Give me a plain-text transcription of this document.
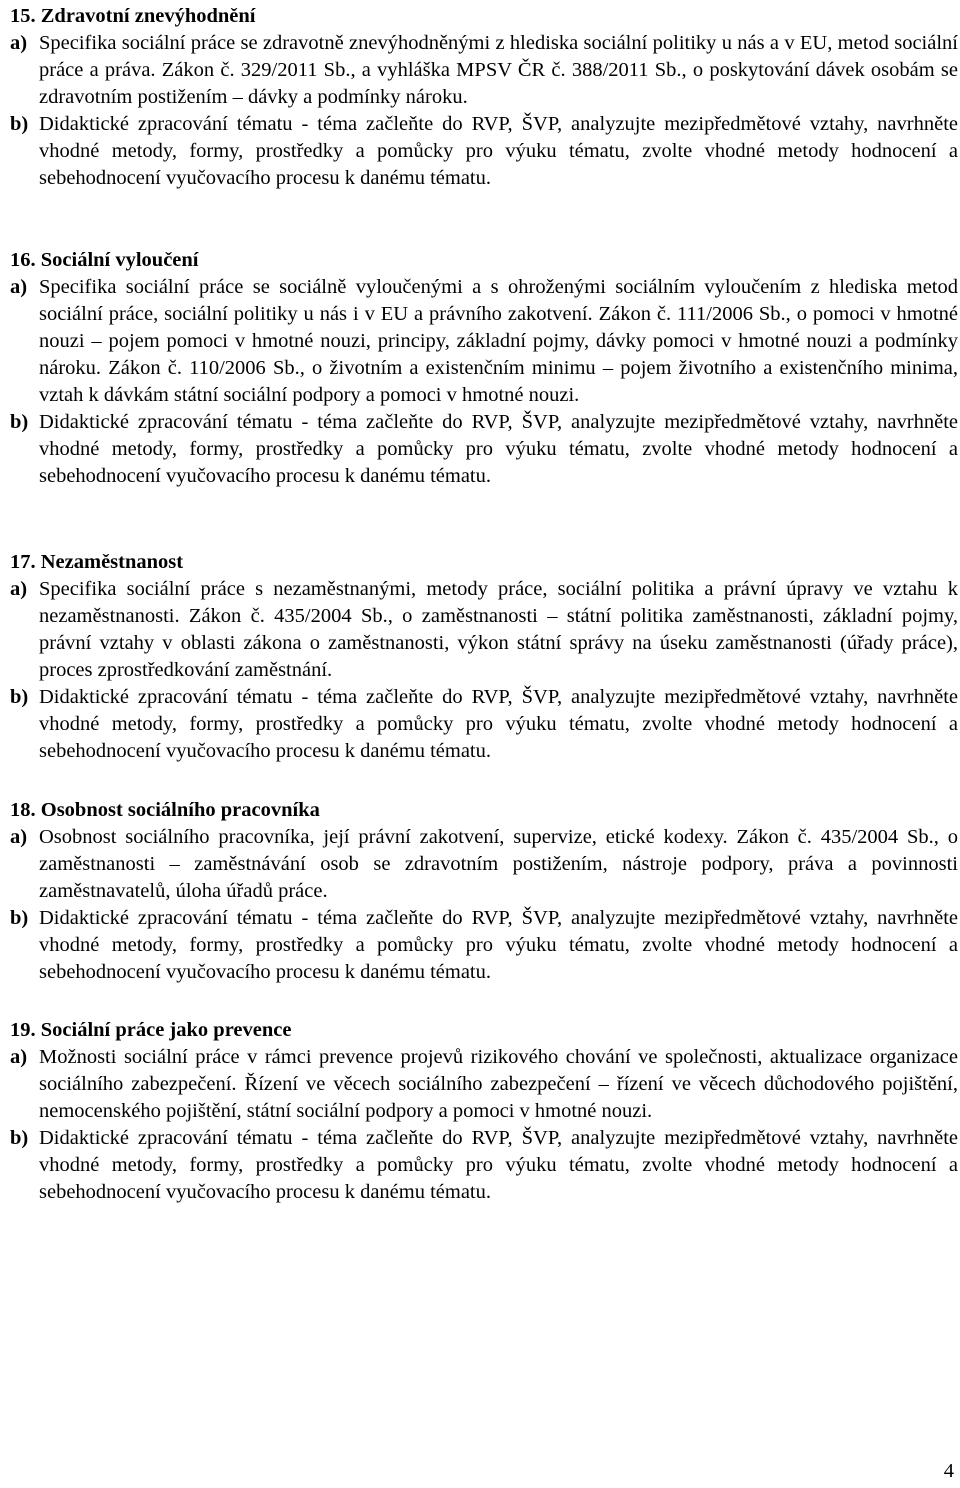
15. Zdravotní znevýhodnění
a) Specifika sociální práce se zdravotně znevýhodněnými z hlediska sociální politiky u nás a v EU, metod sociální práce a práva. Zákon č. 329/2011 Sb., a vyhláška MPSV ČR č. 388/2011 Sb., o poskytování dávek osobám se zdravotním postižením – dávky a podmínky nároku.
b) Didaktické zpracování tématu - téma začleňte do RVP, ŠVP, analyzujte mezipředmětové vztahy, navrhněte vhodné metody, formy, prostředky a pomůcky pro výuku tématu, zvolte vhodné metody hodnocení a sebehodnocení vyučovacího procesu k danému tématu.
16. Sociální vyloučení
a) Specifika sociální práce se sociálně vyloučenými a s ohroženými sociálním vyloučením z hlediska metod sociální práce, sociální politiky u nás i v EU a právního zakotvení. Zákon č. 111/2006 Sb., o pomoci v hmotné nouzi – pojem pomoci v hmotné nouzi, principy, základní pojmy, dávky pomoci v hmotné nouzi a podmínky nároku. Zákon č. 110/2006 Sb., o životním a existenčním minimu – pojem životního a existenčního minima, vztah k dávkám státní sociální podpory a pomoci v hmotné nouzi.
b) Didaktické zpracování tématu - téma začleňte do RVP, ŠVP, analyzujte mezipředmětové vztahy, navrhněte vhodné metody, formy, prostředky a pomůcky pro výuku tématu, zvolte vhodné metody hodnocení a sebehodnocení vyučovacího procesu k danému tématu.
17. Nezaměstnanost
a) Specifika sociální práce s nezaměstnanými, metody práce, sociální politika a právní úpravy ve vztahu k nezaměstnanosti. Zákon č. 435/2004 Sb., o zaměstnanosti – státní politika zaměstnanosti, základní pojmy, právní vztahy v oblasti zákona o zaměstnanosti, výkon státní správy na úseku zaměstnanosti (úřady práce), proces zprostředkování zaměstnání.
b) Didaktické zpracování tématu - téma začleňte do RVP, ŠVP, analyzujte mezipředmětové vztahy, navrhněte vhodné metody, formy, prostředky a pomůcky pro výuku tématu, zvolte vhodné metody hodnocení a sebehodnocení vyučovacího procesu k danému tématu.
18. Osobnost sociálního pracovníka
a) Osobnost sociálního pracovníka, její právní zakotvení, supervize, etické kodexy. Zákon č. 435/2004 Sb., o zaměstnanosti – zaměstnávání osob se zdravotním postižením, nástroje podpory, práva a povinnosti zaměstnavatelů, úloha úřadů práce.
b) Didaktické zpracování tématu - téma začleňte do RVP, ŠVP, analyzujte mezipředmětové vztahy, navrhněte vhodné metody, formy, prostředky a pomůcky pro výuku tématu, zvolte vhodné metody hodnocení a sebehodnocení vyučovacího procesu k danému tématu.
19. Sociální práce jako prevence
a) Možnosti sociální práce v rámci prevence projevů rizikového chování ve společnosti, aktualizace organizace sociálního zabezpečení. Řízení ve věcech sociálního zabezpečení – řízení ve věcech důchodového pojištění, nemocenského pojištění, státní sociální podpory a pomoci v hmotné nouzi.
b) Didaktické zpracování tématu - téma začleňte do RVP, ŠVP, analyzujte mezipředmětové vztahy, navrhněte vhodné metody, formy, prostředky a pomůcky pro výuku tématu, zvolte vhodné metody hodnocení a sebehodnocení vyučovacího procesu k danému tématu.
4
